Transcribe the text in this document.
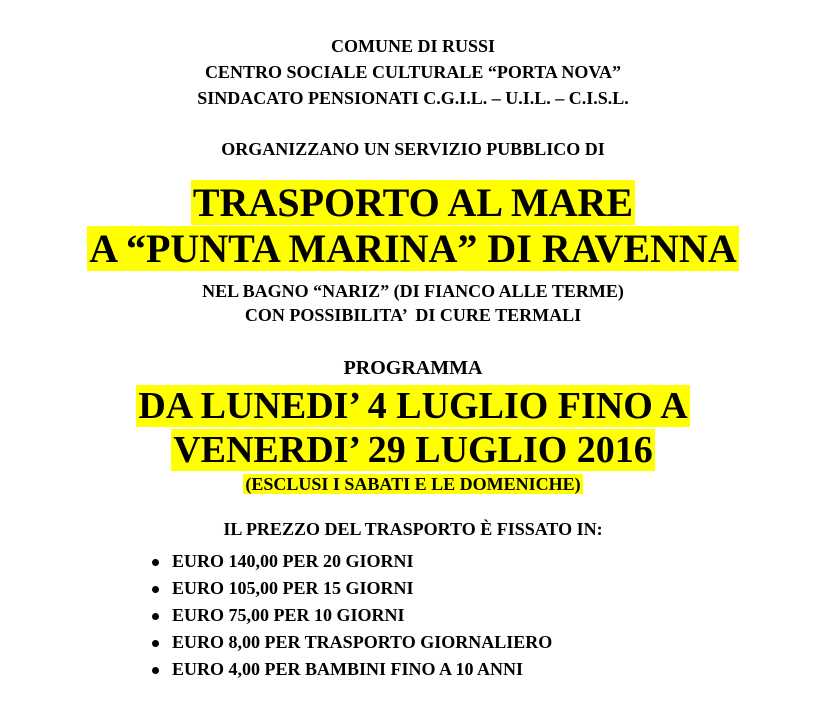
COMUNE DI RUSSI
CENTRO SOCIALE CULTURALE “PORTA NOVA”
SINDACATO PENSIONATI C.G.I.L. – U.I.L. – C.I.S.L.
ORGANIZZANO UN SERVIZIO PUBBLICO DI
TRASPORTO AL MARE
A “PUNTA MARINA” DI RAVENNA
NEL BAGNO “NARIZ” (DI FIANCO ALLE TERME)
CON POSSIBILITA’  DI CURE TERMALI
PROGRAMMA
DA LUNEDI’ 4 LUGLIO FINO A
VENERDI’ 29 LUGLIO 2016
(ESCLUSI I SABATI E LE DOMENICHE)
IL PREZZO DEL TRASPORTO È FISSATO IN:
EURO 140,00 PER 20 GIORNI
EURO 105,00 PER 15 GIORNI
EURO 75,00 PER 10 GIORNI
EURO 8,00 PER TRASPORTO GIORNALIERO
EURO 4,00 PER BAMBINI FINO A 10 ANNI
